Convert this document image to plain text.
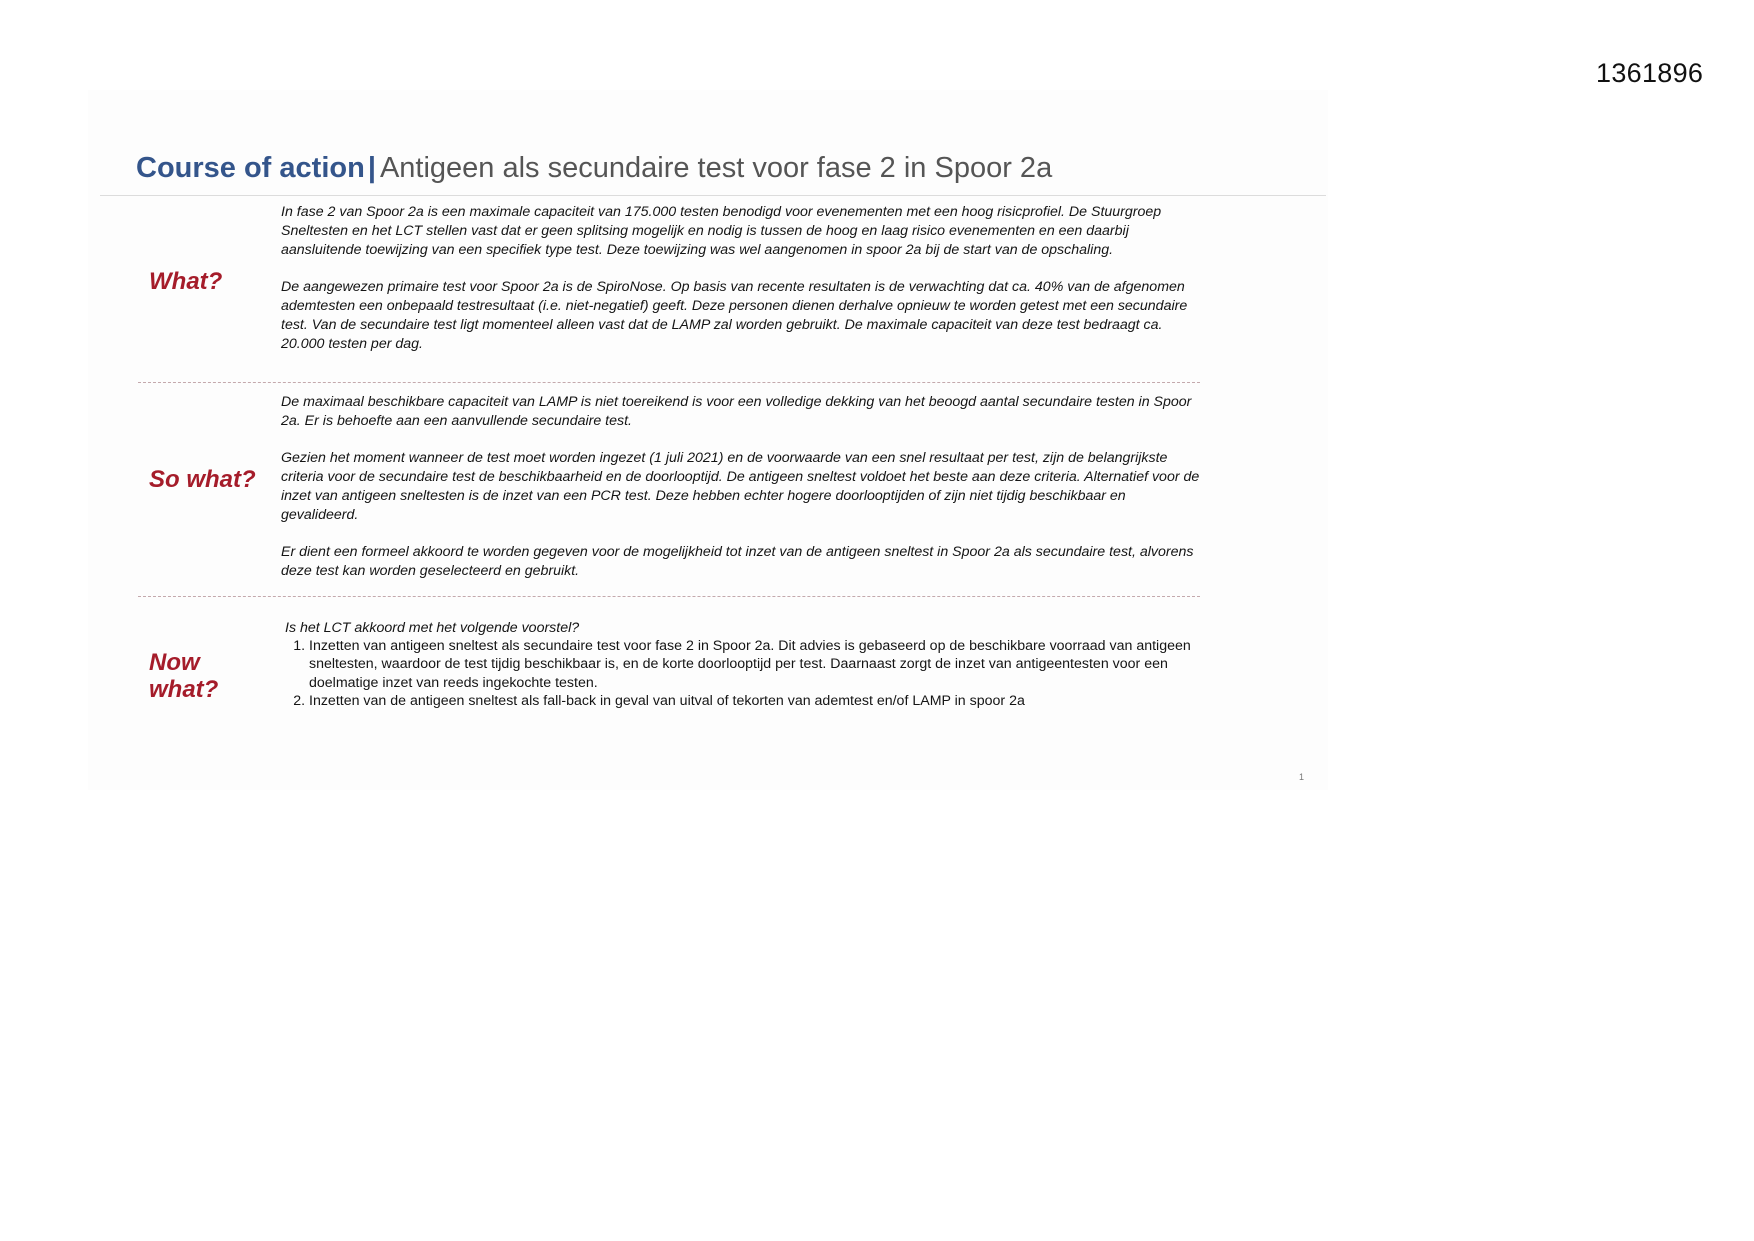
1361896
Course of action | Antigeen als secundaire test voor fase 2 in Spoor 2a
What?

In fase 2 van Spoor 2a is een maximale capaciteit van 175.000 testen benodigd voor evenementen met een hoog risicprofiel. De Stuurgroep Sneltesten en het LCT stellen vast dat er geen splitsing mogelijk en nodig is tussen de hoog en laag risico evenementen en een daarbij aansluitende toewijzing van een specifiek type test. Deze toewijzing was wel aangenomen in spoor 2a bij de start van de opschaling.

De aangewezen primaire test voor Spoor 2a is de SpiroNose. Op basis van recente resultaten is de verwachting dat ca. 40% van de afgenomen ademtesten een onbepaald testresultaat (i.e. niet-negatief) geeft. Deze personen dienen derhalve opnieuw te worden getest met een secundaire test. Van de secundaire test ligt momenteel alleen vast dat de LAMP zal worden gebruikt. De maximale capaciteit van deze test bedraagt ca. 20.000 testen per dag.

So what?

De maximaal beschikbare capaciteit van LAMP is niet toereikend is voor een volledige dekking van het beoogd aantal secundaire testen in Spoor 2a. Er is behoefte aan een aanvullende secundaire test.

Gezien het moment wanneer de test moet worden ingezet (1 juli 2021) en de voorwaarde van een snel resultaat per test, zijn de belangrijkste criteria voor de secundaire test de beschikbaarheid en de doorlooptijd. De antigeen sneltest voldoet het beste aan deze criteria. Alternatief voor de inzet van antigeen sneltesten is de inzet van een PCR test. Deze hebben echter hogere doorlooptijden of zijn niet tijdig beschikbaar en gevalideerd.

Er dient een formeel akkoord te worden gegeven voor de mogelijkheid tot inzet van de antigeen sneltest in Spoor 2a als secundaire test, alvorens deze test kan worden geselecteerd en gebruikt.

Now
what?

Is het LCT akkoord met het volgende voorstel?

1. Inzetten van antigeen sneltest als secundaire test voor fase 2 in Spoor 2a. Dit advies is gebaseerd op de beschikbare voorraad van antigeen sneltesten, waardoor de test tijdig beschikbaar is, en de korte doorlooptijd per test. Daarnaast zorgt de inzet van antigeentesten voor een doelmatige inzet van reeds ingekochte testen.
2. Inzetten van de antigeen sneltest als fall-back in geval van uitval of tekorten van ademtest en/of LAMP in spoor 2a
1
